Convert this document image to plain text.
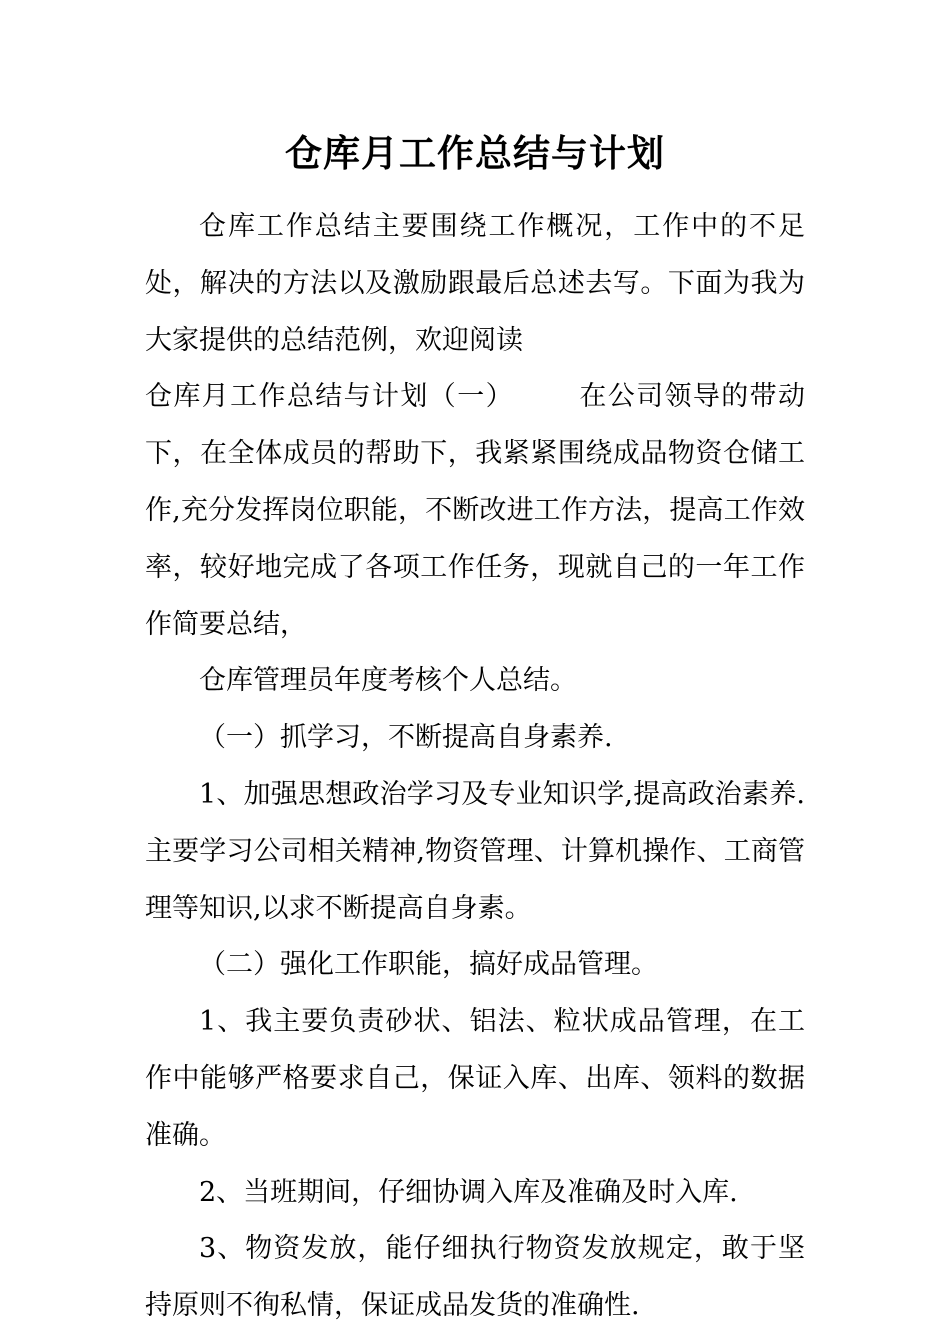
仓库月工作总结与计划

仓库工作总结主要围绕工作概况，工作中的不足处，解决的方法以及激励跟最后总述去写。下面为我为大家提供的总结范例，欢迎阅读

仓库月工作总结与计划（一） 在公司领导的带动下，在全体成员的帮助下，我紧紧围绕成品物资仓储工作,充分发挥岗位职能，不断改进工作方法，提高工作效率，较好地完成了各项工作任务，现就自己的一年工作作简要总结，

仓库管理员年度考核个人总结。

（一）抓学习，不断提高自身素养.

1、加强思想政治学习及专业知识学,提高政治素养.主要学习公司相关精神,物资管理、计算机操作、工商管理等知识,以求不断提高自身素。

（二）强化工作职能，搞好成品管理。

1、我主要负责砂状、铝法、粒状成品管理，在工作中能够严格要求自己，保证入库、出库、领料的数据准确。

2、当班期间，仔细协调入库及准确及时入库.

3、物资发放，能仔细执行物资发放规定，敢于坚持原则不徇私情，保证成品发货的准确性.
